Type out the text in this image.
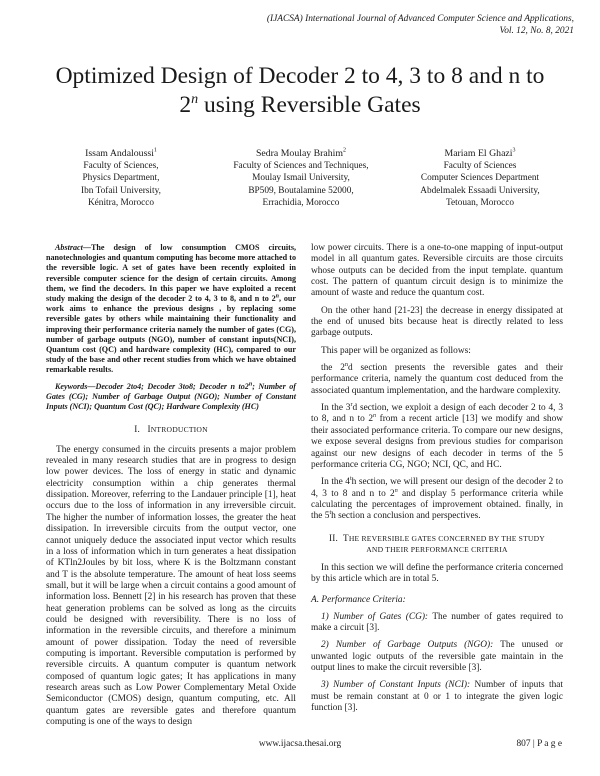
(IJACSA) International Journal of Advanced Computer Science and Applications,
Vol. 12, No. 8, 2021
Optimized Design of Decoder 2 to 4, 3 to 8 and n to
2$^n$ using Reversible Gates
Issam Andaloussi$^1$
Faculty of Sciences,
Physics Department,
Ibn Tofail University,
Kénitra, Morocco
Sedra Moulay Brahim$^2$
Faculty of Sciences and Techniques,
Moulay Ismail University,
BP509, Boutalamine 52000,
Errachidia, Morocco
Mariam El Ghazi$^3$
Faculty of Sciences
Computer Sciences Department
Abdelmalek Essaadi University,
Tetouan, Morocco

Abstract—The design of low consumption CMOS circuits, nanotechnologies and quantum computing has become more attached to the reversible logic. A set of gates have been recently exploited in reversible computer science for the design of certain circuits. Among them, we find the decoders. In this paper we have exploited a recent study making the design of the decoder 2 to 4, 3 to 8, and n to 2$^n$, our work aims to enhance the previous designs , by replacing some reversible gates by others while maintaining their functionality and improving their performance criteria namely the number of gates (CG), number of garbage outputs (NGO), number of constant inputs(NCI), Quantum cost (QC) and hardware complexity (HC), compared to our study of the base and other recent studies from which we have obtained remarkable results.

Keywords—Decoder 2to4; Decoder 3to8; Decoder n to2$^n$; Number of Gates (CG); Number of Garbage Output (NGO); Number of Constant Inputs (NCI); Quantum Cost (QC); Hardware Complexity (HC)

I. INTRODUCTION

The energy consumed in the circuits presents a major problem revealed in many research studies that are in progress to design low power devices. The loss of energy in static and dynamic electricity consumption within a chip generates thermal dissipation. Moreover, referring to the Landauer principle [1], heat occurs due to the loss of information in any irreversible circuit. The higher the number of information losses, the greater the heat dissipation. In irreversible circuits from the output vector, one cannot uniquely deduce the associated input vector which results in a loss of information which in turn generates a heat dissipation of KTln2Joules by bit loss, where K is the Boltzmann constant and T is the absolute temperature. The amount of heat loss seems small, but it will be large when a circuit contains a good amount of information loss. Bennett [2] in his research has proven that these heat generation problems can be solved as long as the circuits could be designed with reversibility. There is no loss of information in the reversible circuits, and therefore a minimum amount of power dissipation. Today the need of reversible computing is important. Reversible computation is performed by reversible circuits. A quantum computer is quantum network composed of quantum logic gates; It has applications in many research areas such as Low Power Complementary Metal Oxide Semiconductor (CMOS) design, quantum computing, etc. All quantum gates are reversible gates and therefore quantum computing is one of the ways to design

low power circuits. There is a one-to-one mapping of input-output model in all quantum gates. Reversible circuits are those circuits whose outputs can be decided from the input template. quantum cost. The pattern of quantum circuit design is to minimize the amount of waste and reduce the quantum cost.

On the other hand [21-23] the decrease in energy dissipated at the end of unused bits because heat is directly related to less garbage outputs.

This paper will be organized as follows:

the 2$^n$d section presents the reversible gates and their performance criteria, namely the quantum cost deduced from the associated quantum implementation, and the hardware complexity.

In the 3$^r$d section, we exploit a design of each decoder 2 to 4, 3 to 8, and n to 2$^n$ from a recent article [13] we modify and show their associated performance criteria. To compare our new designs, we expose several designs from previous studies for comparison against our new designs of each decoder in terms of the 5 performance criteria CG, NGO; NCI, QC, and HC.

In the 4$^t$h section, we will present our design of the decoder 2 to 4, 3 to 8 and n to 2$^n$ and display 5 performance criteria while calculating the percentages of improvement obtained. finally, in the 5$^t$h section a conclusion and perspectives.

II. THE REVERSIBLE GATES CONCERNED BY THE STUDY
AND THEIR PERFORMANCE CRITERIA

In this section we will define the performance criteria concerned by this article which are in total 5.

A. Performance Criteria:

1) Number of Gates (CG): The number of gates required to make a circuit [3].

2) Number of Garbage Outputs (NGO): The unused or unwanted logic outputs of the reversible gate maintain in the output lines to make the circuit reversible [3].

3) Number of Constant Inputs (NCI): Number of inputs that must be remain constant at 0 or 1 to integrate the given logic function [3].

www.ijacsa.thesai.org	807 | P a g e
